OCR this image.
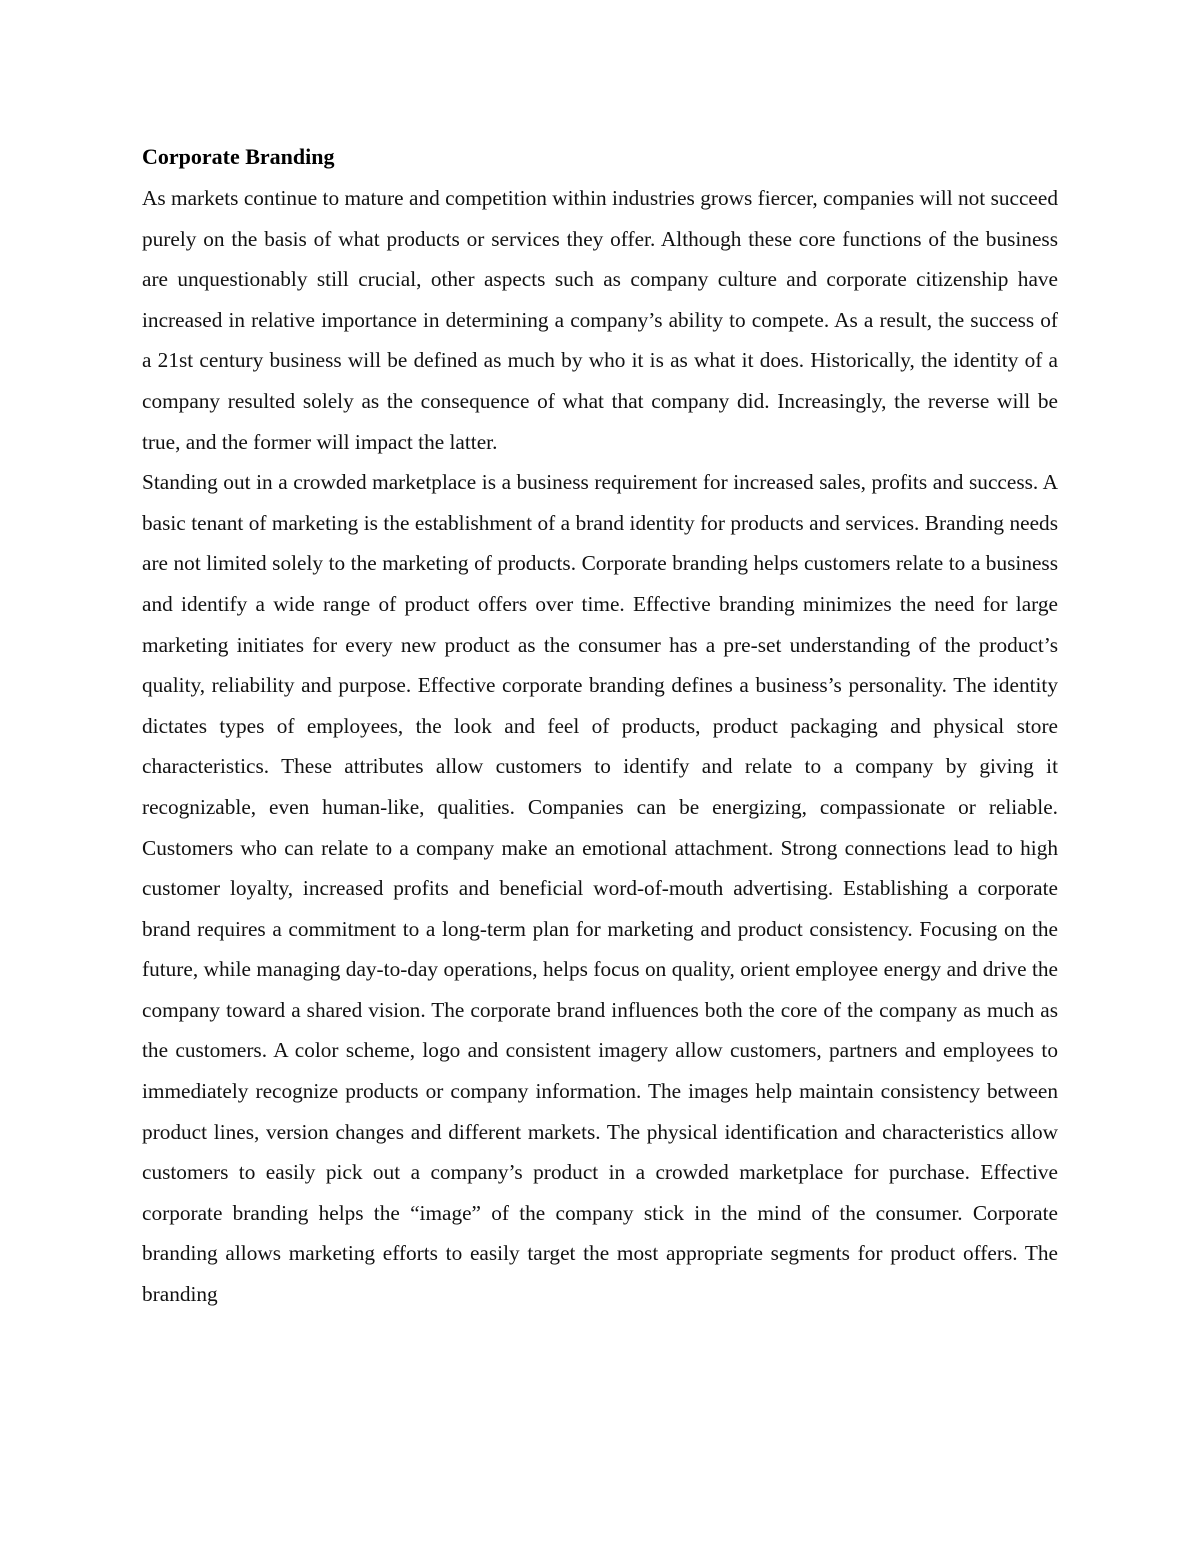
Corporate Branding

As markets continue to mature and competition within industries grows fiercer, companies will not succeed purely on the basis of what products or services they offer. Although these core functions of the business are unquestionably still crucial, other aspects such as company culture and corporate citizenship have increased in relative importance in determining a company’s ability to compete. As a result, the success of a 21st century business will be defined as much by who it is as what it does. Historically, the identity of a company resulted solely as the consequence of what that company did. Increasingly, the reverse will be true, and the former will impact the latter.

Standing out in a crowded marketplace is a business requirement for increased sales, profits and success. A basic tenant of marketing is the establishment of a brand identity for products and services. Branding needs are not limited solely to the marketing of products. Corporate branding helps customers relate to a business and identify a wide range of product offers over time. Effective branding minimizes the need for large marketing initiates for every new product as the consumer has a pre-set understanding of the product’s quality, reliability and purpose. Effective corporate branding defines a business’s personality. The identity dictates types of employees, the look and feel of products, product packaging and physical store characteristics. These attributes allow customers to identify and relate to a company by giving it recognizable, even human-like, qualities. Companies can be energizing, compassionate or reliable. Customers who can relate to a company make an emotional attachment. Strong connections lead to high customer loyalty, increased profits and beneficial word-of-mouth advertising. Establishing a corporate brand requires a commitment to a long-term plan for marketing and product consistency. Focusing on the future, while managing day-to-day operations, helps focus on quality, orient employee energy and drive the company toward a shared vision. The corporate brand influences both the core of the company as much as the customers. A color scheme, logo and consistent imagery allow customers, partners and employees to immediately recognize products or company information. The images help maintain consistency between product lines, version changes and different markets. The physical identification and characteristics allow customers to easily pick out a company’s product in a crowded marketplace for purchase. Effective corporate branding helps the “image” of the company stick in the mind of the consumer. Corporate branding allows marketing efforts to easily target the most appropriate segments for product offers. The branding
